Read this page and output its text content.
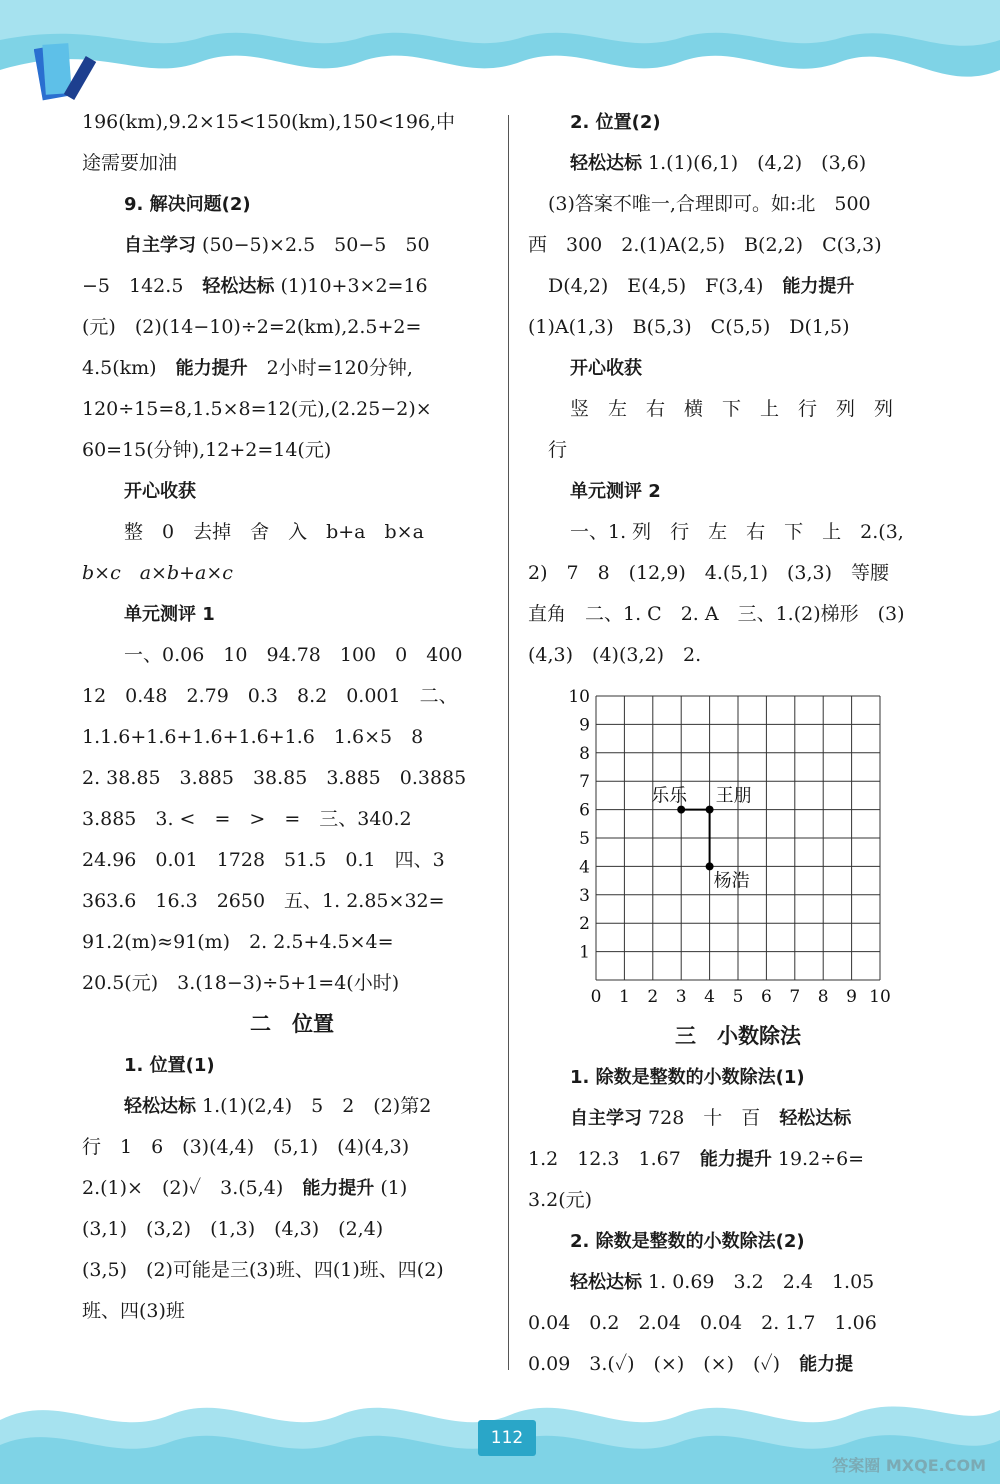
196(km),9.2×15<150(km),150<196,中

途需要加油

9. 解决问题(2)

自主学习 (50−5)×2.5　50−5　50

−5　142.5　轻松达标 (1)10+3×2=16

(元)　(2)(14−10)÷2=2(km),2.5+2=

4.5(km)　能力提升　2小时=120分钟,

120÷15=8,1.5×8=12(元),(2.25−2)×

60=15(分钟),12+2=14(元)

开心收获

整　0　去掉　舍　入　b+a　b×a

b×c　a×b+a×c

单元测评 1

一、0.06　10　94.78　100　0　400

12　0.48　2.79　0.3　8.2　0.001　二、

1.1.6+1.6+1.6+1.6+1.6　1.6×5　8

2. 38.85　3.885　38.85　3.885　0.3885

3.885　3. <　=　>　=　三、340.2

24.96　0.01　1728　51.5　0.1　四、3

363.6　16.3　2650　五、1. 2.85×32=

91.2(m)≈91(m)　2. 2.5+4.5×4=

20.5(元)　3.(18−3)÷5+1=4(小时)

二　位置

1. 位置(1)

轻松达标 1.(1)(2,4)　5　2　(2)第2

行　1　6　(3)(4,4)　(5,1)　(4)(4,3)

2.(1)×　(2)✓　3.(5,4)　能力提升 (1)

(3,1)　(3,2)　(1,3)　(4,3)　(2,4)

(3,5)　(2)可能是三(3)班、四(1)班、四(2)

班、四(3)班

2. 位置(2)

轻松达标 1.(1)(6,1)　(4,2)　(3,6)

(3)答案不唯一,合理即可。如:北　500

西　300　2.(1)A(2,5)　B(2,2)　C(3,3)

D(4,2)　E(4,5)　F(3,4)　能力提升

(1)A(1,3)　B(5,3)　C(5,5)　D(1,5)

开心收获

竖　左　右　横　下　上　行　列　列

行

单元测评 2

一、1. 列　行　左　右　下　上　2.(3,

2)　7　8　(12,9)　4.(5,1)　(3,3)　等腰

直角　二、1. C　2. A　三、1.(2)梯形　(3)

(4,3)　(4)(3,2)　2.

0 1 2 3 4 5 6 7 8 9 10
1
2
3
4
5
6
7
8
9
10
乐乐 王朋
杨浩

三　小数除法

1. 除数是整数的小数除法(1)

自主学习 728　十　百　轻松达标

1.2　12.3　1.67　能力提升 19.2÷6=

3.2(元)

2. 除数是整数的小数除法(2)

轻松达标 1. 0.69　3.2　2.4　1.05

0.04　0.2　2.04　0.04　2. 1.7　1.06

0.09　3.(✓)　(×)　(×)　(✓)　能力提

112
答案圈 MXQE.COM
